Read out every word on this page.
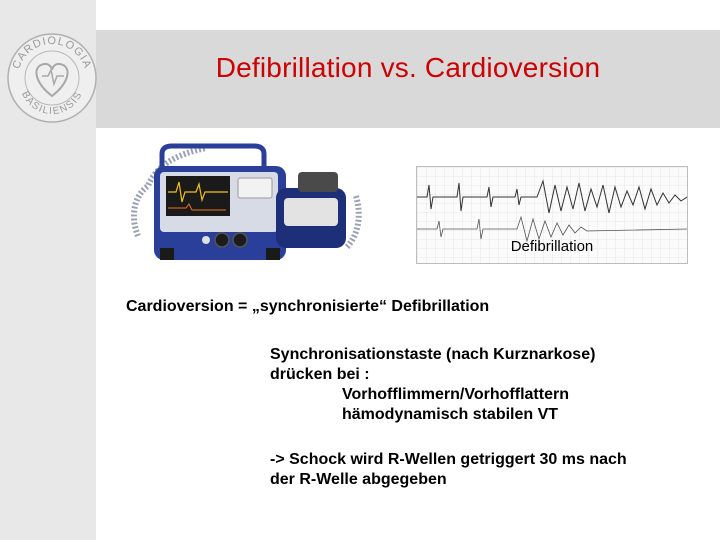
CARDIOLOGIA
BASILIENSIS
Defibrillation vs. Cardioversion
Defibrillation
Cardioversion = „synchronisierte“ Defibrillation
Synchronisationstaste (nach Kurznarkose)
drücken bei :
Vorhofflimmern/Vorhofflattern
hämodynamisch stabilen VT
-> Schock wird R-Wellen getriggert 30 ms nach
der R-Welle abgegeben
